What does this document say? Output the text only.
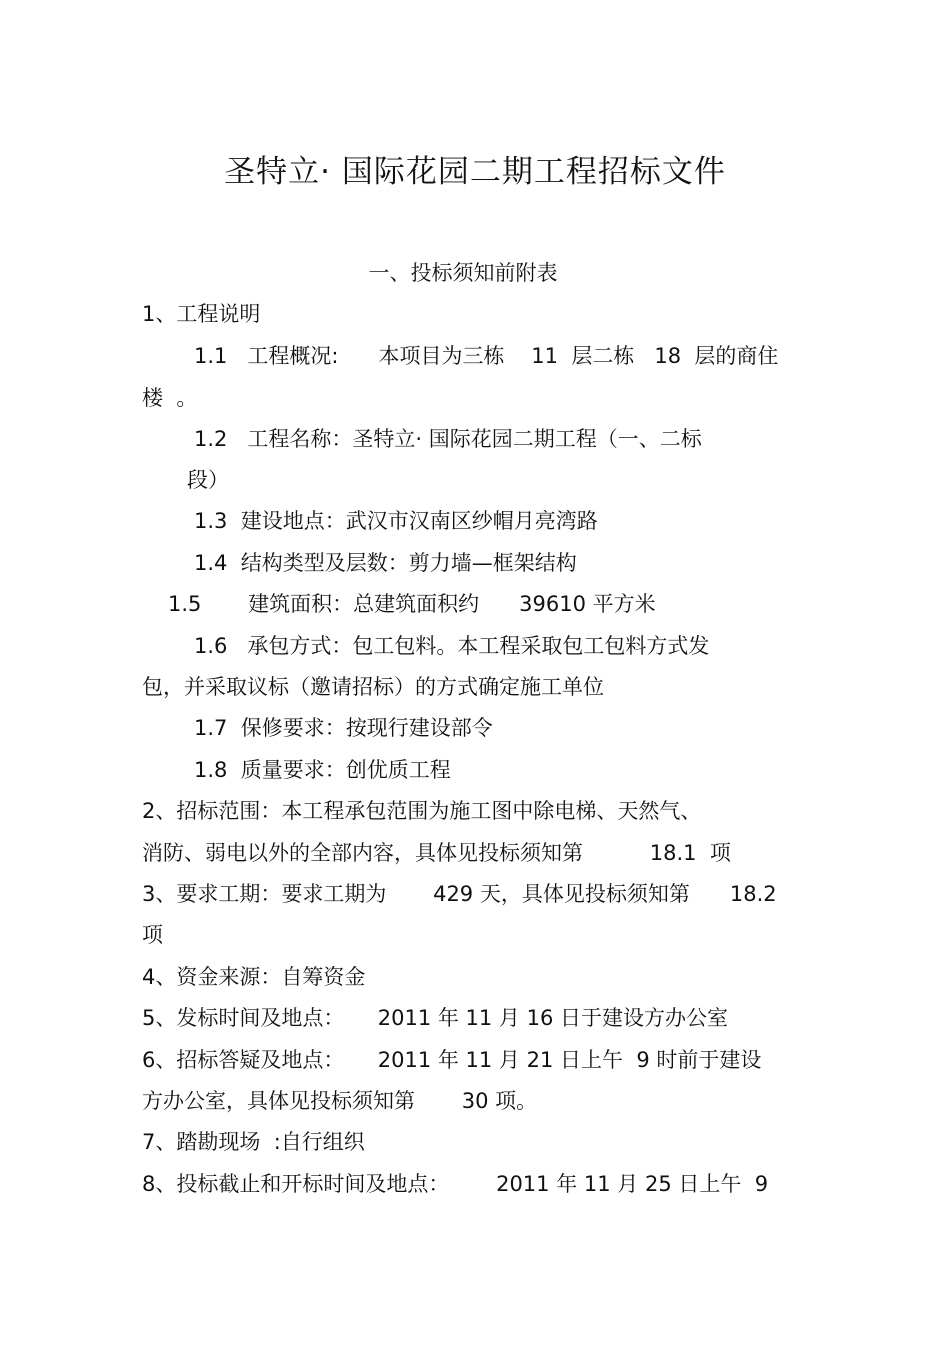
圣特立· 国际花园二期工程招标文件
一、投标须知前附表
1、工程说明
1.1   工程概况:      本项目为三栋    11  层二栋   18  层的商住
楼  。
1.2   工程名称：圣特立· 国际花园二期工程（一、二标
段）
1.3  建设地点：武汉市汉南区纱帽月亮湾路
1.4  结构类型及层数：剪力墙—框架结构
1.5       建筑面积：总建筑面积约      39610 平方米
1.6   承包方式：包工包料。本工程采取包工包料方式发
包，并采取议标（邀请招标）的方式确定施工单位
1.7  保修要求：按现行建设部令
1.8  质量要求：创优质工程
2、招标范围：本工程承包范围为施工图中除电梯、天然气、
消防、弱电以外的全部内容，具体见投标须知第          18.1  项
3、要求工期：要求工期为       429 天，具体见投标须知第      18.2
项
4、资金来源：自筹资金
5、发标时间及地点：     2011 年 11 月 16 日于建设方办公室
6、招标答疑及地点：     2011 年 11 月 21 日上午  9 时前于建设
方办公室，具体见投标须知第       30 项。
7、踏勘现场  :自行组织
8、投标截止和开标时间及地点：       2011 年 11 月 25 日上午  9
